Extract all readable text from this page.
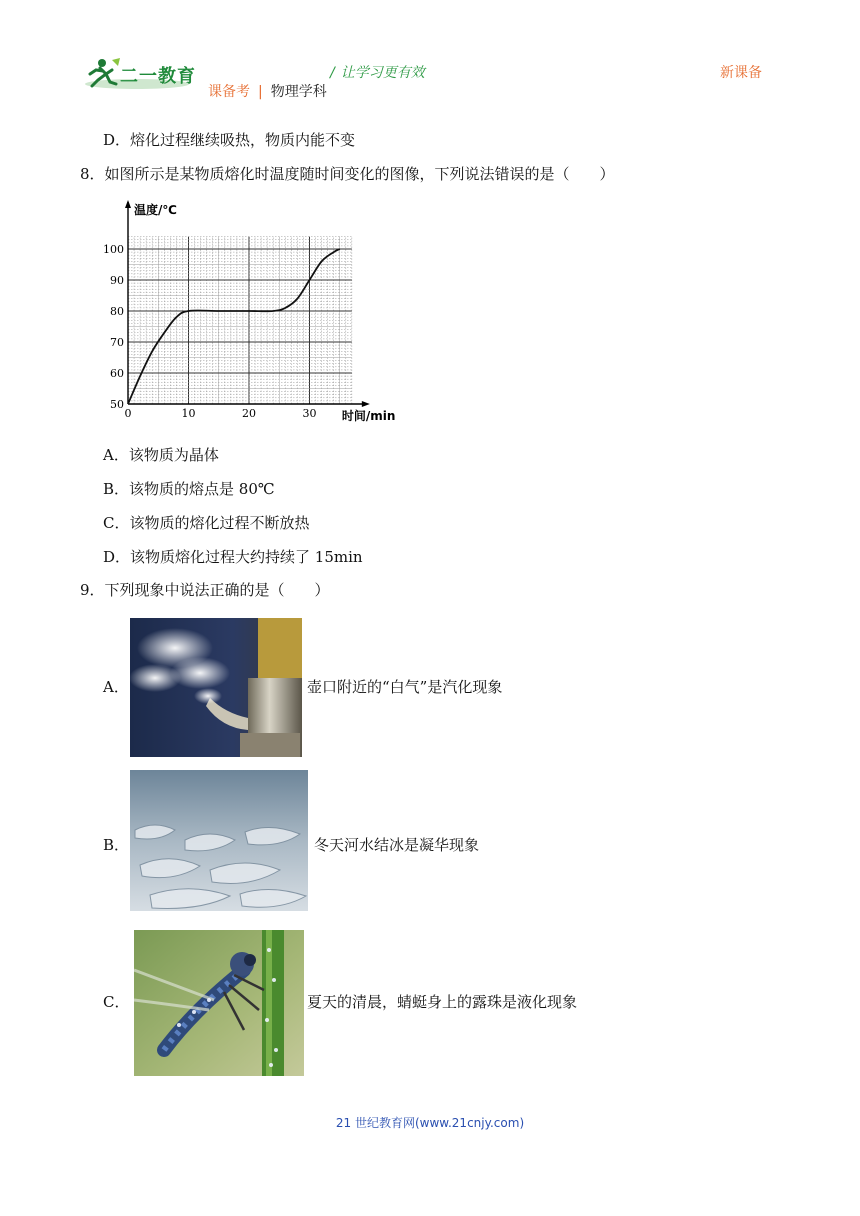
二一教育	/ 让学习更有效	新课备
课备考 | 物理学科
D．熔化过程继续吸热，物质内能不变
8．如图所示是某物质熔化时温度随时间变化的图像，下列说法错误的是（　　）
50
60
70
80
90
100
0	10	20	30
温度/℃
时间/min
A．该物质为晶体
B．该物质的熔点是 80℃
C．该物质的熔化过程不断放热
D．该物质熔化过程大约持续了 15min
9．下列现象中说法正确的是（　　）
A．	壶口附近的“白气”是汽化现象
B．	冬天河水结冰是凝华现象
C．	夏天的清晨，蜻蜓身上的露珠是液化现象
21 世纪教育网(www.21cnjy.com)
